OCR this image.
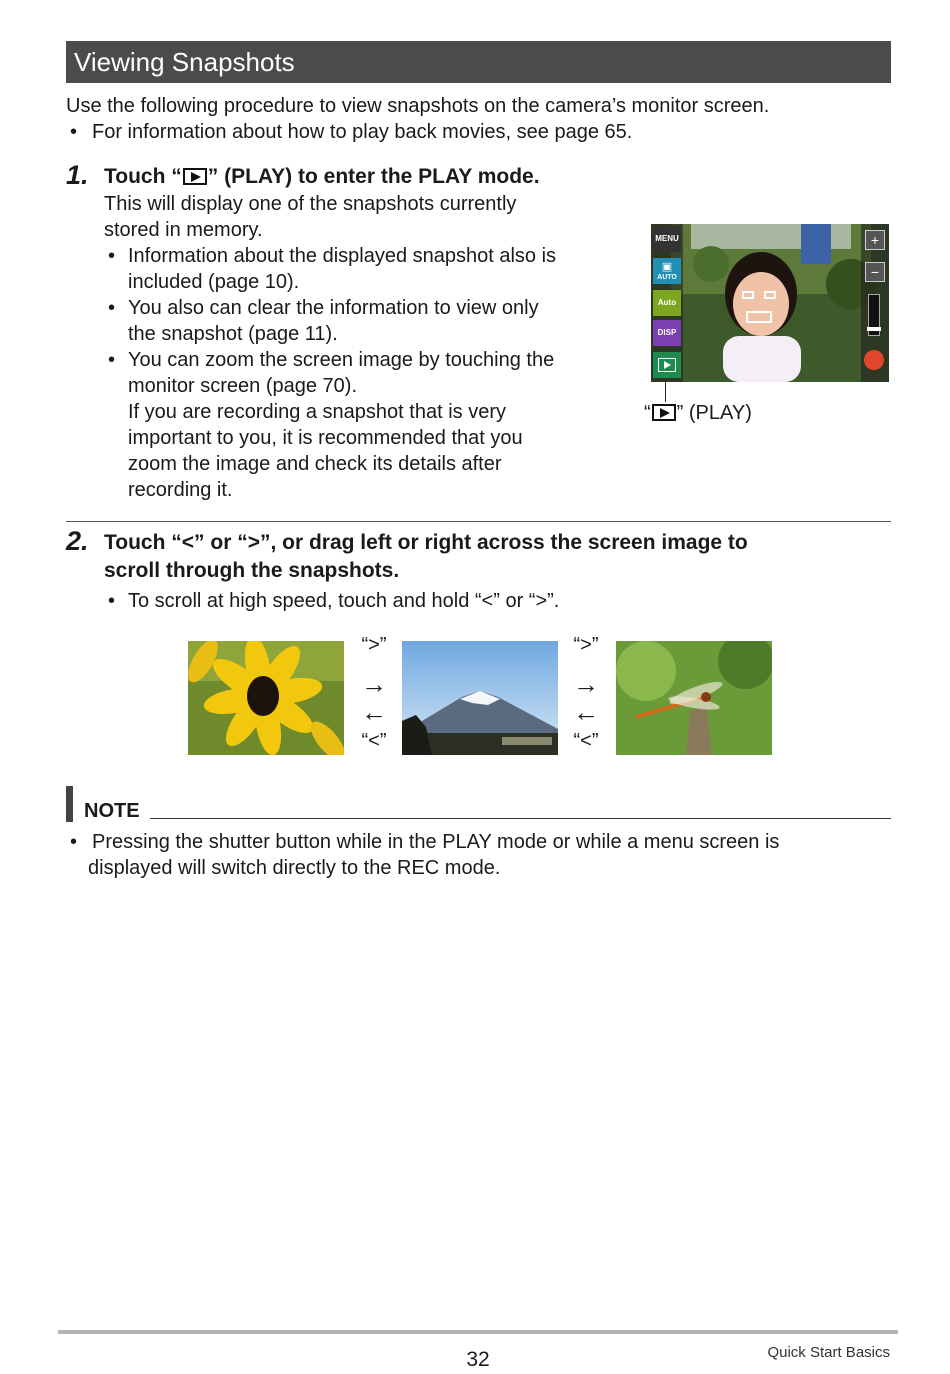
Viewing Snapshots
Use the following procedure to view snapshots on the camera’s monitor screen.
• For information about how to play back movies, see page 65.
1. Touch “ ” (PLAY) to enter the PLAY mode.
This will display one of the snapshots currently
stored in memory.
• Information about the displayed snapshot also is
included (page 10).
• You also can clear the information to view only
the snapshot (page 11).
• You can zoom the screen image by touching the
monitor screen (page 70).
If you are recording a snapshot that is very
important to you, it is recommended that you
zoom the image and check its details after
recording it.
MENU
▣
AUTO
Auto
DISP
+
−
“ ” (PLAY)
2. Touch “<” or “>”, or drag left or right across the screen image to
scroll through the snapshots.
• To scroll at high speed, touch and hold “<” or “>”.
“>”
→
←
“<”
“>”
→
←
“<”
NOTE
• Pressing the shutter button while in the PLAY mode or while a menu screen is
displayed will switch directly to the REC mode.
32	Quick Start Basics
